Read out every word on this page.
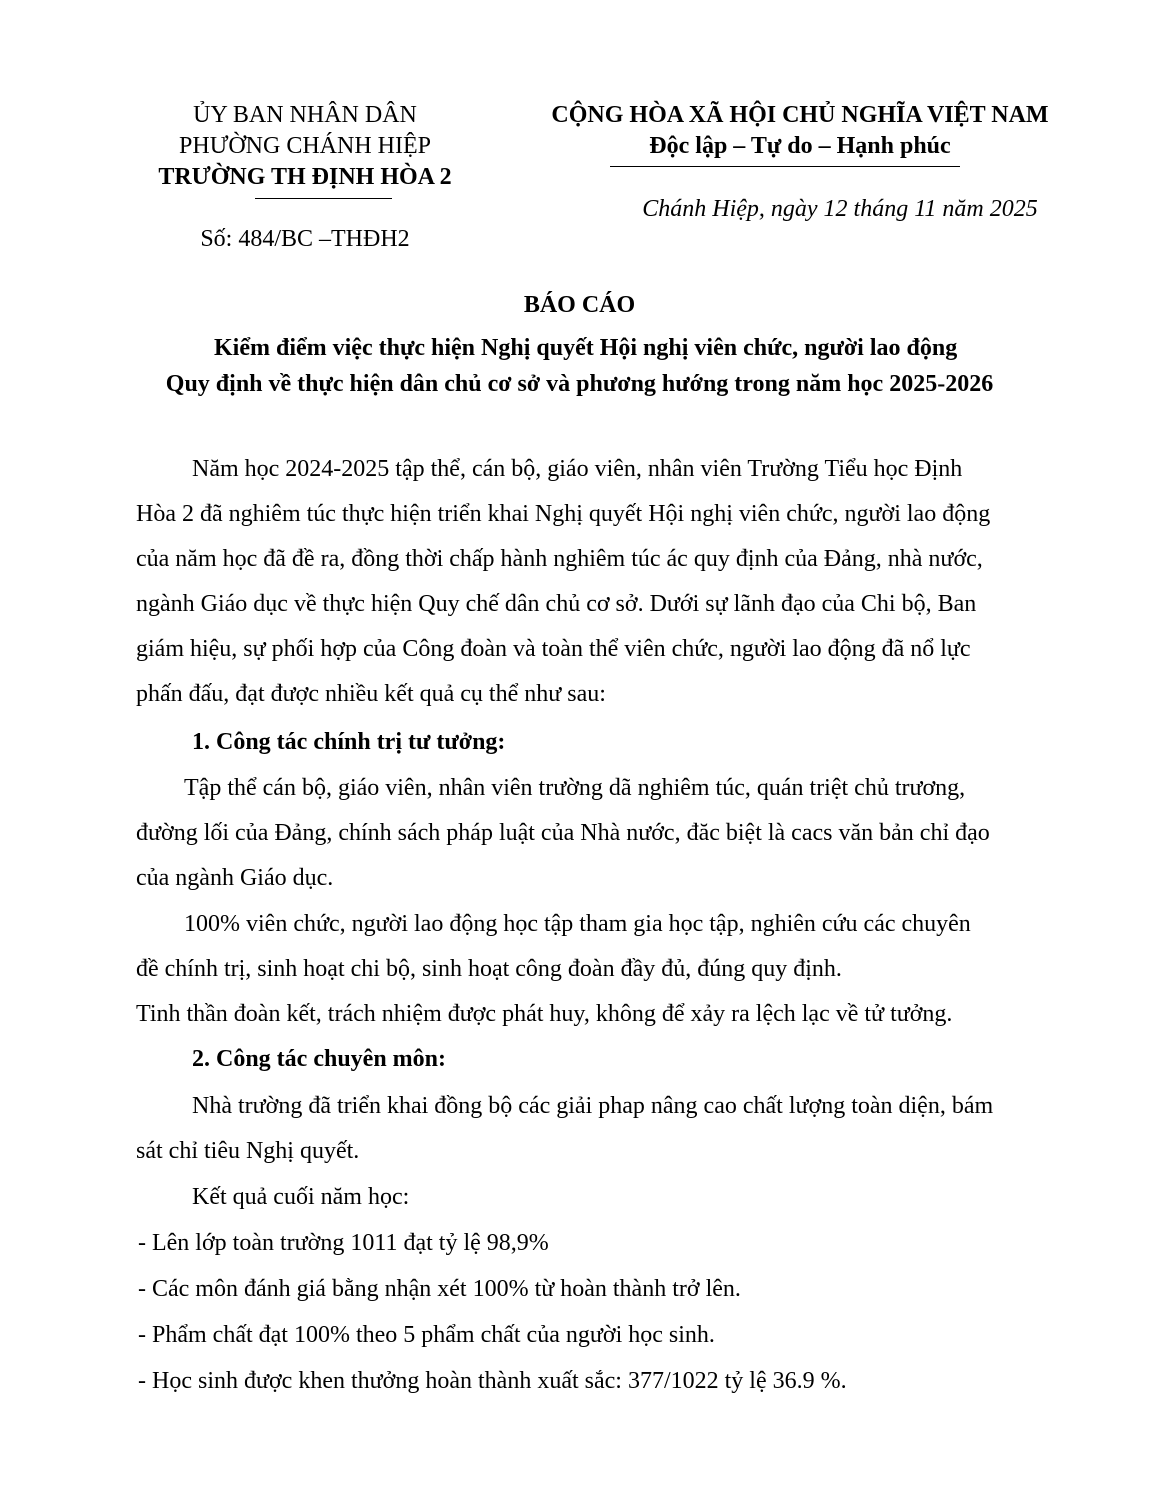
ỦY BAN NHÂN DÂN
PHƯỜNG CHÁNH HIỆP
TRƯỜNG TH ĐỊNH HÒA 2
Số: 484/BC –THĐH2
CỘNG HÒA XÃ HỘI CHỦ NGHĨA VIỆT NAM
Độc lập – Tự do – Hạnh phúc
Chánh Hiệp, ngày 12 tháng 11 năm 2025
BÁO CÁO
Kiểm điểm việc thực hiện Nghị quyết Hội nghị viên chức, người lao động
Quy định về thực hiện dân chủ cơ sở và phương hướng trong năm học 2025-2026
Năm học 2024-2025 tập thể, cán bộ, giáo viên, nhân viên Trường Tiểu học Định
Hòa 2 đã nghiêm túc thực hiện triển khai Nghị quyết Hội nghị viên chức, người lao động
của năm học đã đề ra, đồng thời chấp hành nghiêm túc ác quy định của Đảng, nhà nước,
ngành Giáo dục về thực hiện Quy chế dân chủ cơ sở. Dưới sự lãnh đạo của Chi bộ, Ban
giám hiệu, sự phối hợp của Công đoàn và toàn thể viên chức, người lao động đã nổ lực
phấn đấu, đạt được nhiều kết quả cụ thể như sau:
1. Công tác chính trị tư tưởng:
Tập thể cán bộ, giáo viên, nhân viên trường dã nghiêm túc, quán triệt chủ trương,
đường lối của Đảng, chính sách pháp luật của Nhà nước, đăc biệt là cacs văn bản chỉ đạo
của ngành Giáo dục.
100% viên chức, người lao động học tập tham gia học tập, nghiên cứu các chuyên
đề chính trị, sinh hoạt chi bộ, sinh hoạt công đoàn đầy đủ, đúng quy định.
Tinh thần đoàn kết, trách nhiệm được phát huy, không để xảy ra lệch lạc về tử tưởng.
2. Công tác chuyên môn:
Nhà trường đã triển khai đồng bộ các giải phap nâng cao chất lượng toàn diện, bám
sát chỉ tiêu Nghị quyết.
Kết quả cuối năm học:
- Lên lớp toàn trường 1011 đạt tỷ lệ 98,9%
- Các môn đánh giá bằng nhận xét 100% từ hoàn thành trở lên.
- Phẩm chất đạt 100% theo 5 phẩm chất của người học sinh.
- Học sinh được khen thưởng hoàn thành xuất sắc: 377/1022 tỷ lệ 36.9 %.
